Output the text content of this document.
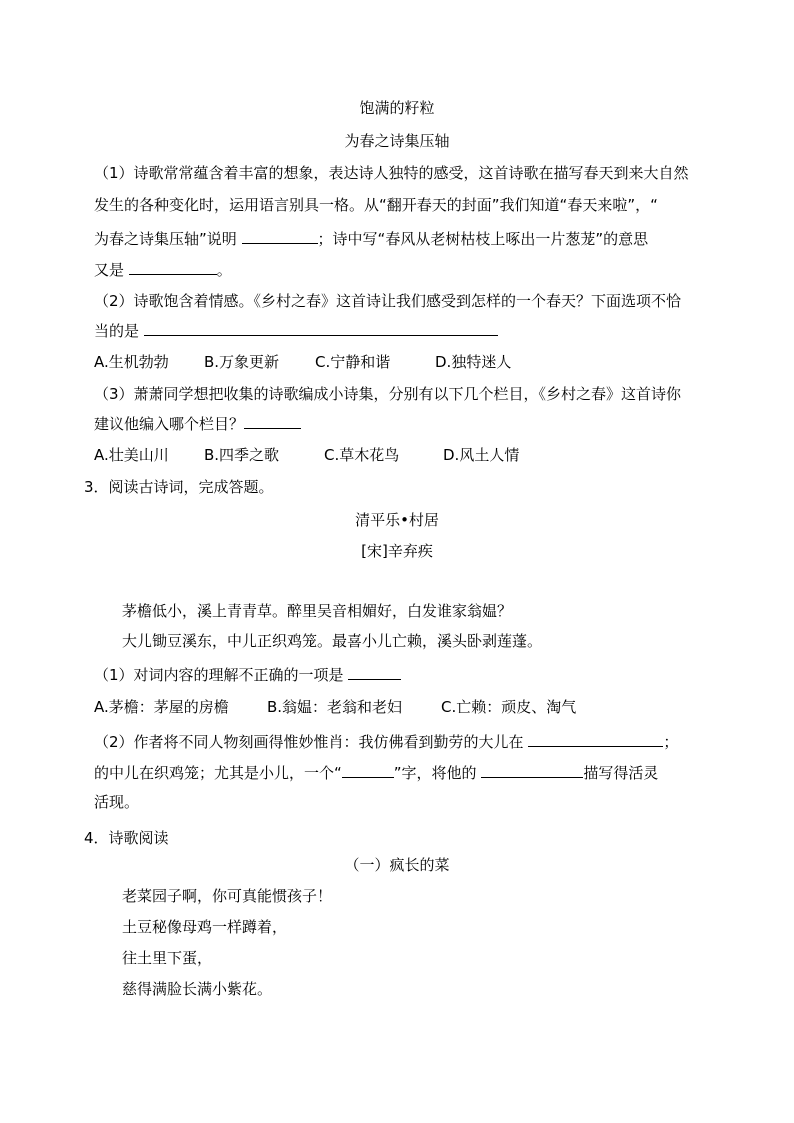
饱满的籽粒
为春之诗集压轴
（1）诗歌常常蕴含着丰富的想象，表达诗人独特的感受，这首诗歌在描写春天到来大自然
发生的各种变化时，运用语言别具一格。从“翻开春天的封面”我们知道“春天来啦”，“
为春之诗集压轴”说明	；诗中写“春风从老树枯枝上啄出一片葱茏”的意思
又是	。
（2）诗歌饱含着情感。《乡村之春》这首诗让我们感受到怎样的一个春天？下面选项不恰
当的是
A.生机勃勃 B.万象更新 C.宁静和谐	D.独特迷人
（3）萧萧同学想把收集的诗歌编成小诗集，分别有以下几个栏目，《乡村之春》这首诗你
建议他编入哪个栏目？
A.壮美山川 B.四季之歌	C.草木花鸟	D.风土人情
3．阅读古诗词，完成答题。
清平乐•村居
[宋]辛弃疾
茅檐低小，溪上青青草。醉里吴音相媚好，白发谁家翁媪？
大儿锄豆溪东，中儿正织鸡笼。最喜小儿亡赖，溪头卧剥莲蓬。
（1）对词内容的理解不正确的一项是
A.茅檐：茅屋的房檐	B.翁媪：老翁和老妇	C.亡赖：顽皮、淘气
（2）作者将不同人物刻画得惟妙惟肖：我仿佛看到勤劳的大儿在	；
的中儿在织鸡笼；尤其是小儿，一个“	”字，将他的	描写得活灵
活现。
4．诗歌阅读
（一）疯长的菜
老菜园子啊，你可真能惯孩子！
土豆秘像母鸡一样蹲着，
往土里下蛋，
慈得满脸长满小紫花。
